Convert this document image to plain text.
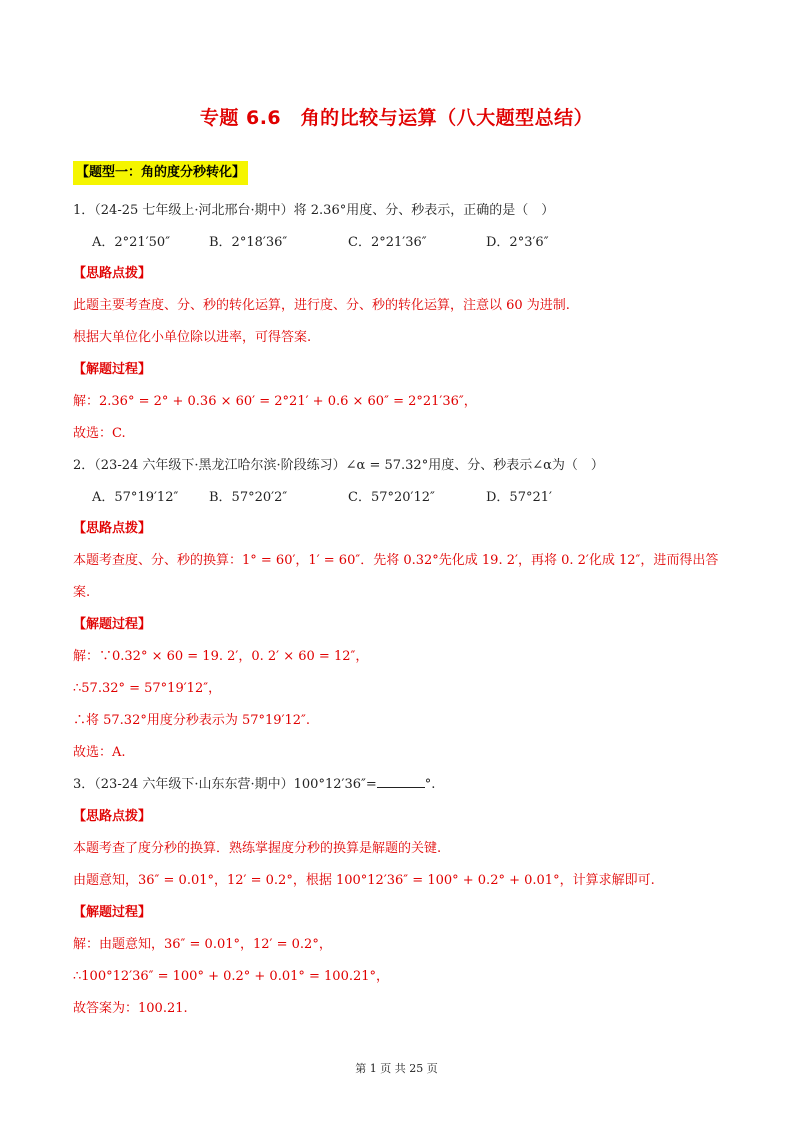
专题 6.6　角的比较与运算（八大题型总结）
【题型一：角的度分秒转化】
1．（24-25 七年级上·河北邢台·期中）将 2.36°用度、分、秒表示，正确的是（　）
A．2°21′50″	B．2°18′36″	C．2°21′36″	D．2°3′6″
【思路点拨】
此题主要考查度、分、秒的转化运算，进行度、分、秒的转化运算，注意以 60 为进制.
根据大单位化小单位除以进率，可得答案.
【解题过程】
解：2.36° = 2° + 0.36 × 60′ = 2°21′ + 0.6 × 60″ = 2°21′36″，
故选：C.
2．（23-24 六年级下·黑龙江哈尔滨·阶段练习）∠α = 57.32°用度、分、秒表示∠α为（　）
A．57°19′12″ B．57°20′2″	C．57°20′12″	D．57°21′
【思路点拨】
本题考查度、分、秒的换算：1° = 60′，1′ = 60″．先将 0.32°先化成 19. 2′，再将 0. 2′化成 12″，进而得出答
案.
【解题过程】
解：∵0.32° × 60 = 19. 2′，0. 2′ × 60 = 12″，
∴57.32° = 57°19′12″，
∴将 57.32°用度分秒表示为 57°19′12″.
故选：A.
3．（23-24 六年级下·山东东营·期中）100°12′36″=	°.
【思路点拨】
本题考查了度分秒的换算．熟练掌握度分秒的换算是解题的关键.
由题意知，36″ = 0.01°，12′ = 0.2°，根据 100°12′36″ = 100° + 0.2° + 0.01°，计算求解即可.
【解题过程】
解：由题意知，36″ = 0.01°，12′ = 0.2°，
∴100°12′36″ = 100° + 0.2° + 0.01° = 100.21°，
故答案为：100.21.
第 1 页 共 25 页
